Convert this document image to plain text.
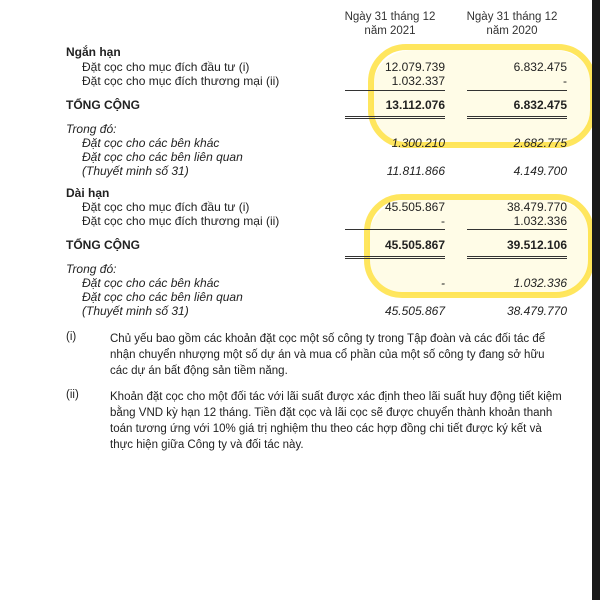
Ngày 31 tháng 12
năm 2021
Ngày 31 tháng 12
năm 2020
Ngắn hạn
Đặt cọc cho mục đích đầu tư (i)	12.079.739	6.832.475
Đặt cọc cho mục đích thương mại (ii)	1.032.337	-
TỔNG CỘNG	13.112.076	6.832.475
Trong đó:
Đặt cọc cho các bên khác	1.300.210	2.682.775
Đặt cọc cho các bên liên quan
(Thuyết minh số 31)	11.811.866	4.149.700
Dài hạn
Đặt cọc cho mục đích đầu tư (i)	45.505.867	38.479.770
Đặt cọc cho mục đích thương mại (ii)	-	1.032.336
TỔNG CỘNG	45.505.867	39.512.106
Trong đó:
Đặt cọc cho các bên khác	-	1.032.336
Đặt cọc cho các bên liên quan
(Thuyết minh số 31)	45.505.867	38.479.770
(i)	Chủ yếu bao gồm các khoản đặt cọc một số công ty trong Tập đoàn và các đối tác để
nhận chuyển nhượng một số dự án và mua cổ phần của một số công ty đang sở hữu
các dự án bất động sản tiềm năng.
(ii)	Khoản đặt cọc cho một đối tác với lãi suất được xác định theo lãi suất huy động tiết kiệm
bằng VND kỳ hạn 12 tháng. Tiền đặt cọc và lãi cọc sẽ được chuyển thành khoản thanh
toán tương ứng với 10% giá trị nghiệm thu theo các hợp đồng chi tiết được ký kết và
thực hiện giữa Công ty và đối tác này.
